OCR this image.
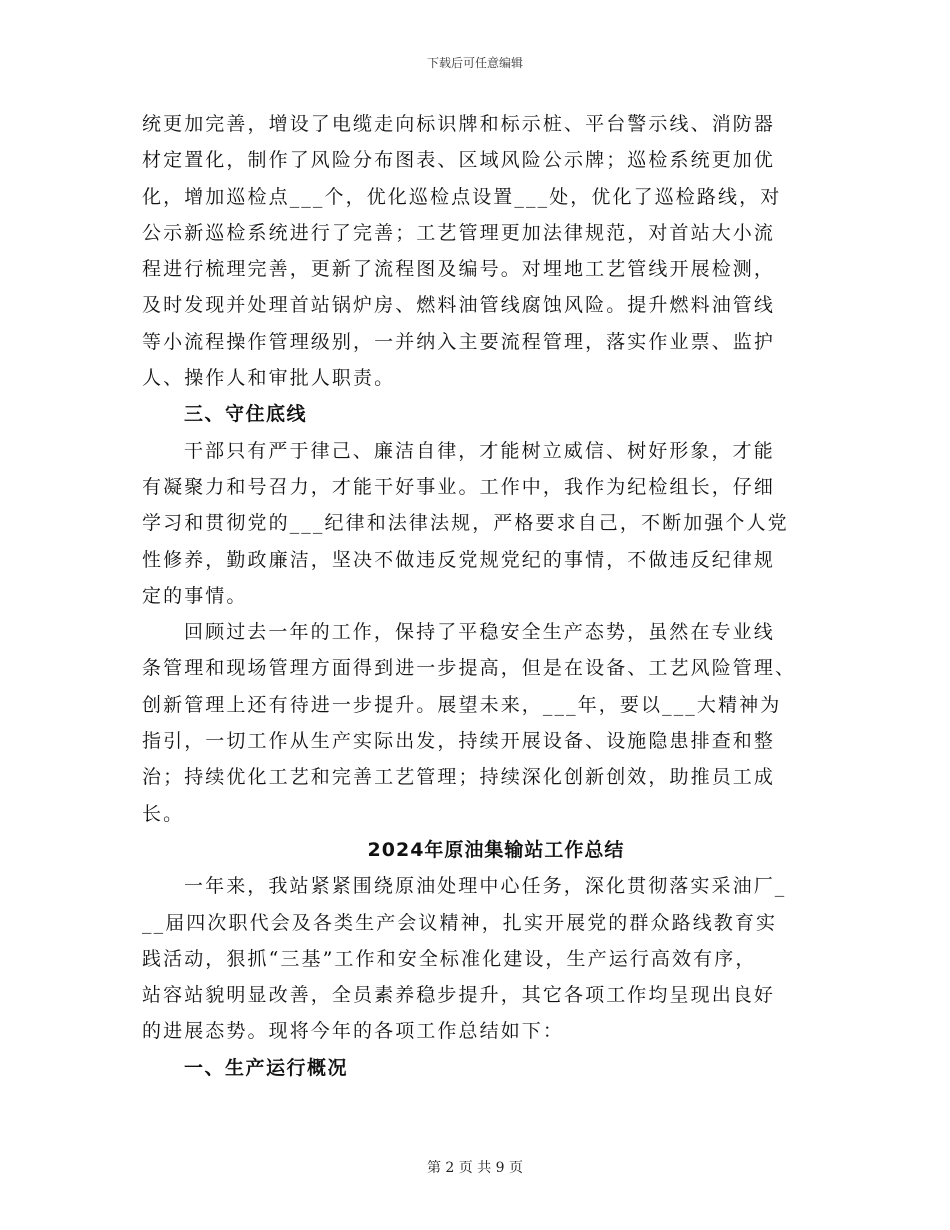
下载后可任意编辑
统更加完善，增设了电缆走向标识牌和标示桩、平台警示线、消防器
材定置化，制作了风险分布图表、区域风险公示牌；巡检系统更加优
化，增加巡检点___个，优化巡检点设置___处，优化了巡检路线，对
公示新巡检系统进行了完善；工艺管理更加法律规范，对首站大小流
程进行梳理完善，更新了流程图及编号。对埋地工艺管线开展检测，
及时发现并处理首站锅炉房、燃料油管线腐蚀风险。提升燃料油管线
等小流程操作管理级别，一并纳入主要流程管理，落实作业票、监护
人、操作人和审批人职责。
三、守住底线
干部只有严于律己、廉洁自律，才能树立威信、树好形象，才能
有凝聚力和号召力，才能干好事业。工作中，我作为纪检组长，仔细
学习和贯彻党的___纪律和法律法规，严格要求自己，不断加强个人党
性修养，勤政廉洁，坚决不做违反党规党纪的事情，不做违反纪律规
定的事情。
回顾过去一年的工作，保持了平稳安全生产态势，虽然在专业线
条管理和现场管理方面得到进一步提高，但是在设备、工艺风险管理、
创新管理上还有待进一步提升。展望未来，___年，要以___大精神为
指引，一切工作从生产实际出发，持续开展设备、设施隐患排查和整
治；持续优化工艺和完善工艺管理；持续深化创新创效，助推员工成
长。
2024年原油集输站工作总结
一年来，我站紧紧围绕原油处理中心任务，深化贯彻落实采油厂_
__届四次职代会及各类生产会议精神，扎实开展党的群众路线教育实
践活动，狠抓“三基”工作和安全标准化建设，生产运行高效有序，
站容站貌明显改善，全员素养稳步提升，其它各项工作均呈现出良好
的进展态势。现将今年的各项工作总结如下：
一、生产运行概况
第 2 页 共 9 页
